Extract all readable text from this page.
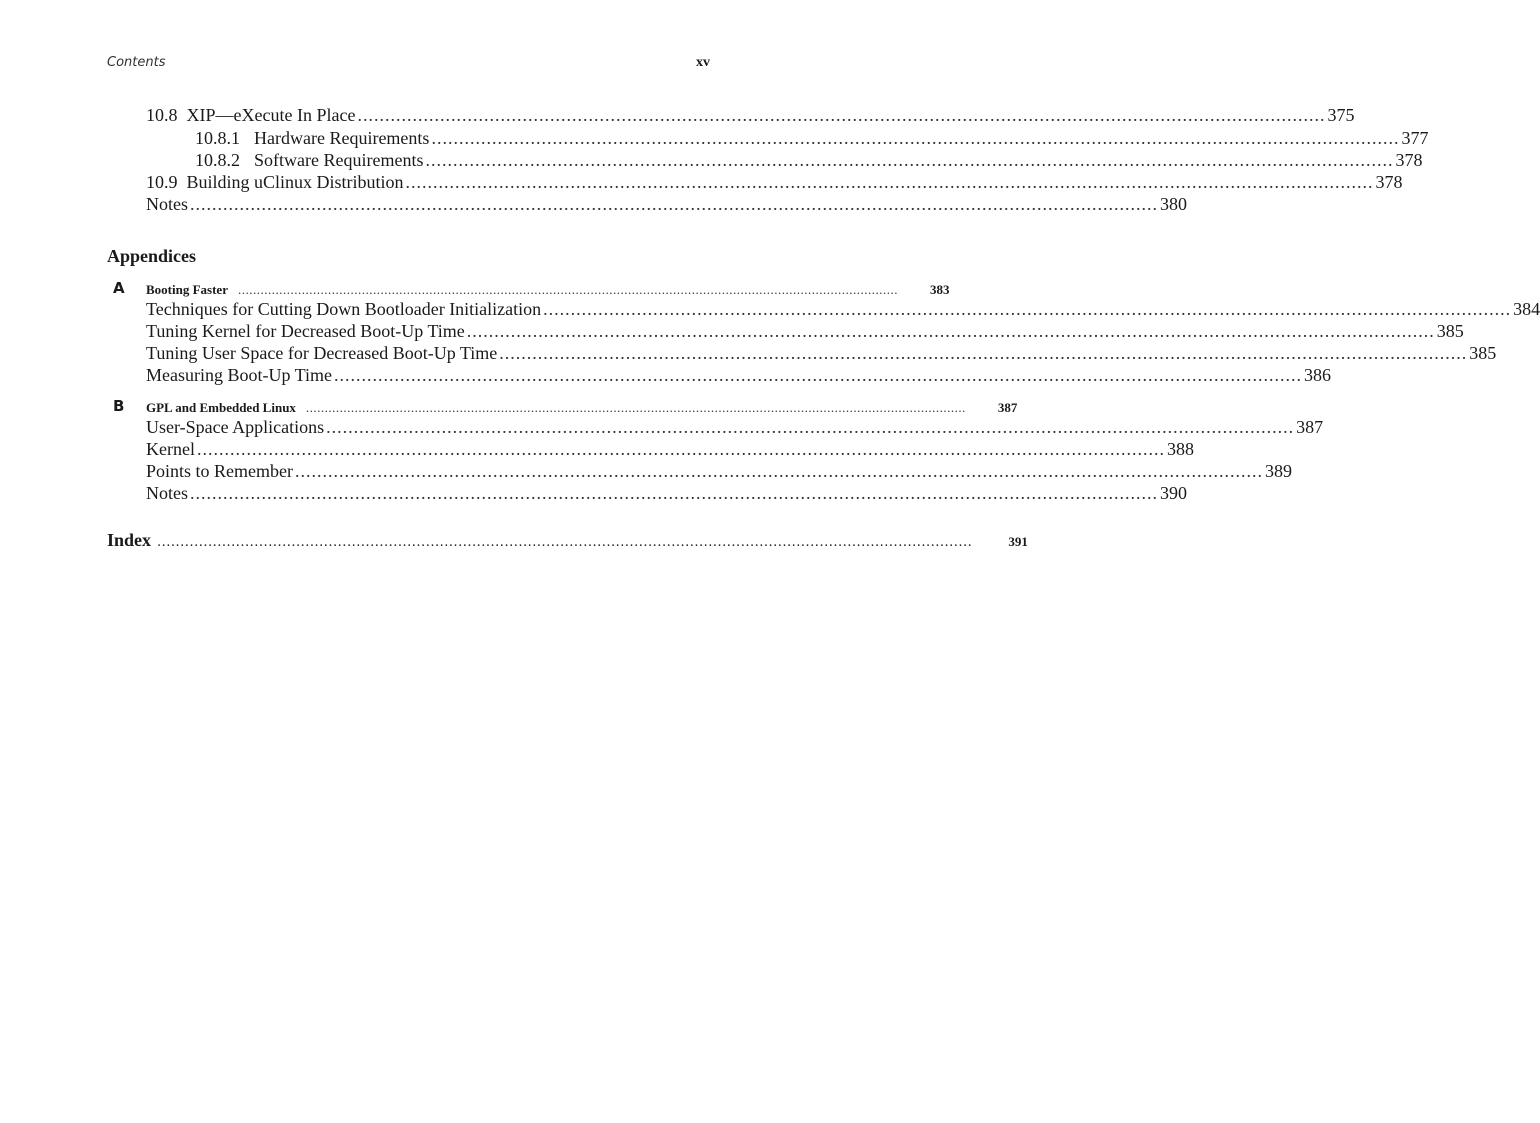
Contents	xv
10.8 XIP—eXecute In Place ................................................................................................................................................................................ 375
10.8.1 Hardware Requirements ................................................................................................................................................................................ 377
10.8.2 Software Requirements ................................................................................................................................................................................ 378
10.9 Building uClinux Distribution ................................................................................................................................................................................ 378
Notes ................................................................................................................................................................................ 380
Appendices
A Booting Faster ................................................................................................................................................................................ 383
Techniques for Cutting Down Bootloader Initialization ................................................................................................................................................................................ 384
Tuning Kernel for Decreased Boot-Up Time ................................................................................................................................................................................ 385
Tuning User Space for Decreased Boot-Up Time ................................................................................................................................................................................ 385
Measuring Boot-Up Time ................................................................................................................................................................................ 386
B GPL and Embedded Linux ................................................................................................................................................................................ 387
User-Space Applications ................................................................................................................................................................................ 387
Kernel ................................................................................................................................................................................ 388
Points to Remember ................................................................................................................................................................................ 389
Notes ................................................................................................................................................................................ 390
Index ................................................................................................................................................................................	391
